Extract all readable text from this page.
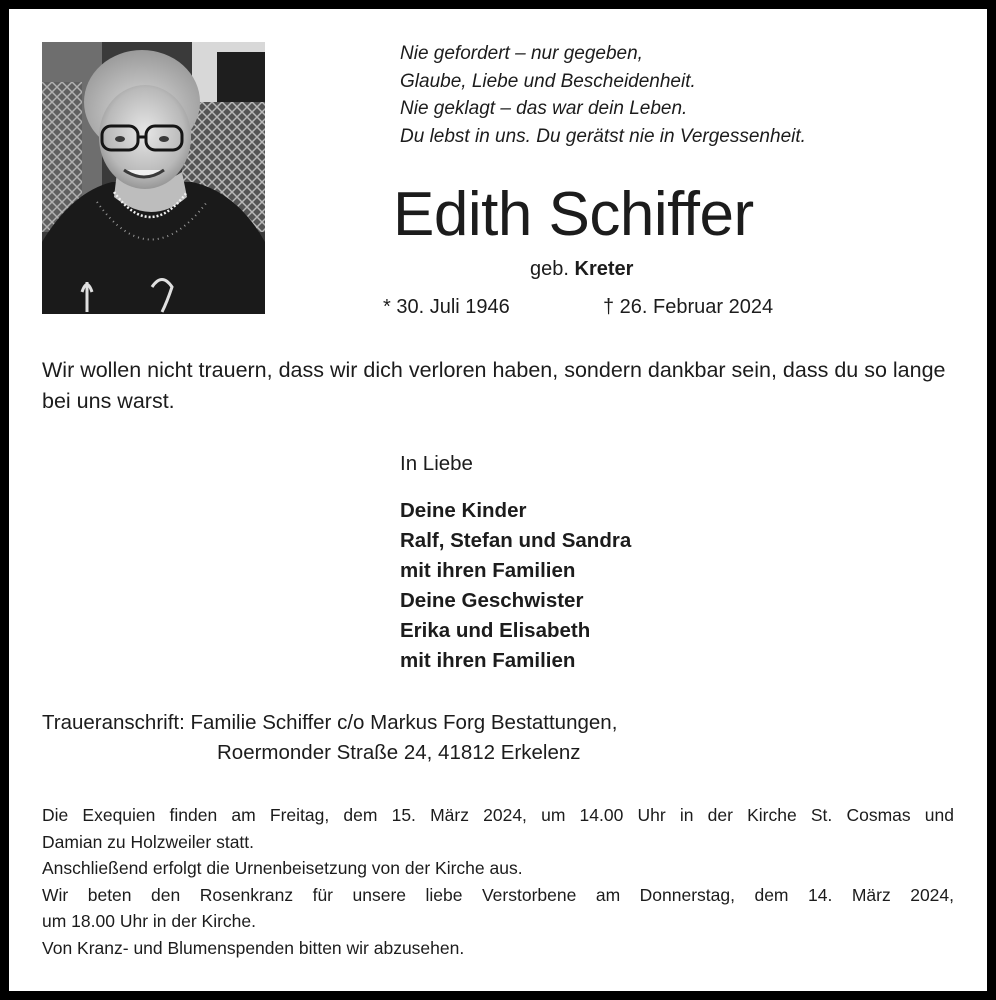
Nie gefordert – nur gegeben,
Glaube, Liebe und Bescheidenheit.
Nie geklagt – das war dein Leben.
Du lebst in uns. Du gerätst nie in Vergessenheit.
Edith Schiffer
geb. Kreter
* 30. Juli 1946	† 26. Februar 2024
Wir wollen nicht trauern, dass wir dich verloren haben, sondern dankbar sein, dass du so lange bei uns warst.
In Liebe
Deine Kinder
Ralf, Stefan und Sandra
mit ihren Familien
Deine Geschwister
Erika und Elisabeth
mit ihren Familien
Traueranschrift: Familie Schiffer c/o Markus Forg Bestattungen,
Roermonder Straße 24, 41812 Erkelenz
Die Exequien finden am Freitag, dem 15. März 2024, um 14.00 Uhr in der Kirche St. Cosmas und
Damian zu Holzweiler statt.
Anschließend erfolgt die Urnenbeisetzung von der Kirche aus.
Wir beten den Rosenkranz für unsere liebe Verstorbene am Donnerstag, dem 14. März 2024,
um 18.00 Uhr in der Kirche.
Von Kranz- und Blumenspenden bitten wir abzusehen.
